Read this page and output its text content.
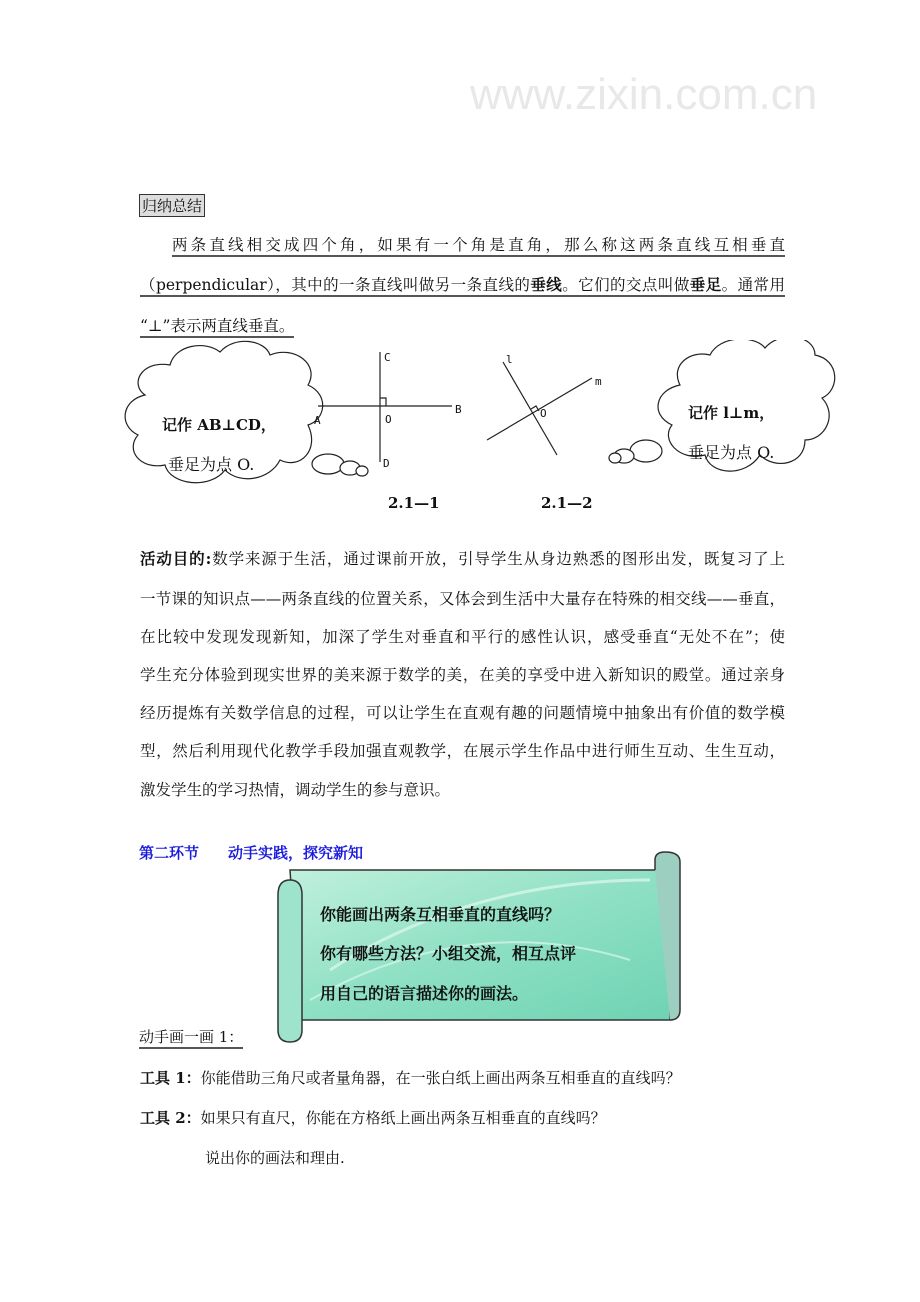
www.zixin.com.cn
归纳总结
两条直线相交成四个角，如果有一个角是直角，那么称这两条直线互相垂直
（perpendicular），其中的一条直线叫做另一条直线的垂线。它们的交点叫做垂足。通常用
“⊥”表示两直线垂直。
记作 AB⊥CD，
垂足为点 O.
记作 l⊥m，
垂足为点 O.
C
A
B
O
D
l
m
O
2.1—1	2.1—2
活动目的:数学来源于生活，通过课前开放，引导学生从身边熟悉的图形出发，既复习了上
一节课的知识点——两条直线的位置关系，又体会到生活中大量存在特殊的相交线——垂直，
在比较中发现发现新知，加深了学生对垂直和平行的感性认识，感受垂直“无处不在”；使
学生充分体验到现实世界的美来源于数学的美，在美的享受中进入新知识的殿堂。通过亲身
经历提炼有关数学信息的过程，可以让学生在直观有趣的问题情境中抽象出有价值的数学模
型，然后利用现代化教学手段加强直观教学，在展示学生作品中进行师生互动、生生互动，
激发学生的学习热情，调动学生的参与意识。
第二环节 动手实践，探究新知
你能画出两条互相垂直的直线吗？
你有哪些方法？小组交流，相互点评
用自己的语言描述你的画法。
动手画一画 1：
工具 1：你能借助三角尺或者量角器，在一张白纸上画出两条互相垂直的直线吗？
工具 2：如果只有直尺，你能在方格纸上画出两条互相垂直的直线吗？
说出你的画法和理由.
